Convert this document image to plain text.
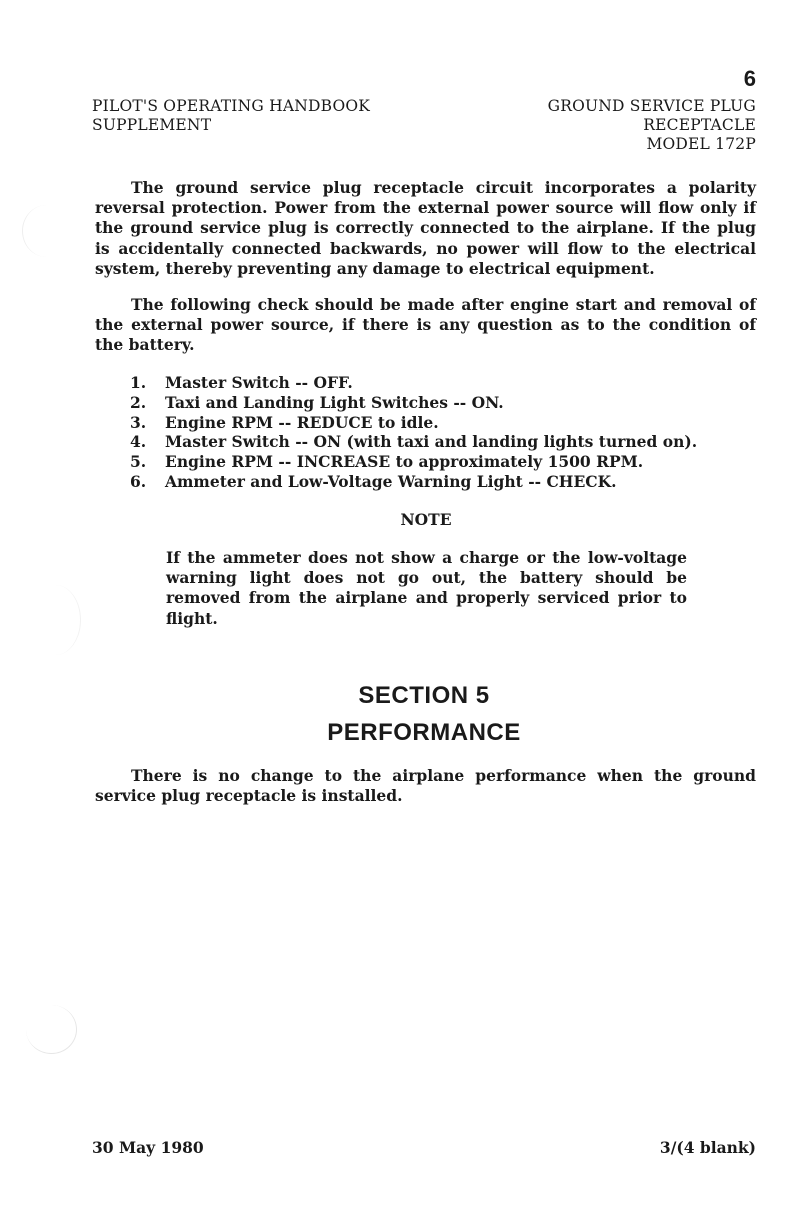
6
PILOT'S OPERATING HANDBOOK
SUPPLEMENT
GROUND SERVICE PLUG
RECEPTACLE
MODEL 172P
The ground service plug receptacle circuit incorporates a polarity reversal protection. Power from the external power source will flow only if the ground service plug is correctly connected to the airplane. If the plug is accidentally connected backwards, no power will flow to the electrical system, thereby preventing any damage to electrical equipment.
The following check should be made after engine start and removal of the external power source, if there is any question as to the condition of the battery.
1.	Master Switch -- OFF.
2.	Taxi and Landing Light Switches -- ON.
3.	Engine RPM -- REDUCE to idle.
4.	Master Switch -- ON (with taxi and landing lights turned on).
5.	Engine RPM -- INCREASE to approximately 1500 RPM.
6.	Ammeter and Low-Voltage Warning Light -- CHECK.
NOTE
If the ammeter does not show a charge or the low-voltage warning light does not go out, the battery should be removed from the airplane and properly serviced prior to flight.
SECTION 5
PERFORMANCE
There is no change to the airplane performance when the ground service plug receptacle is installed.
30 May 1980	3/(4 blank)
